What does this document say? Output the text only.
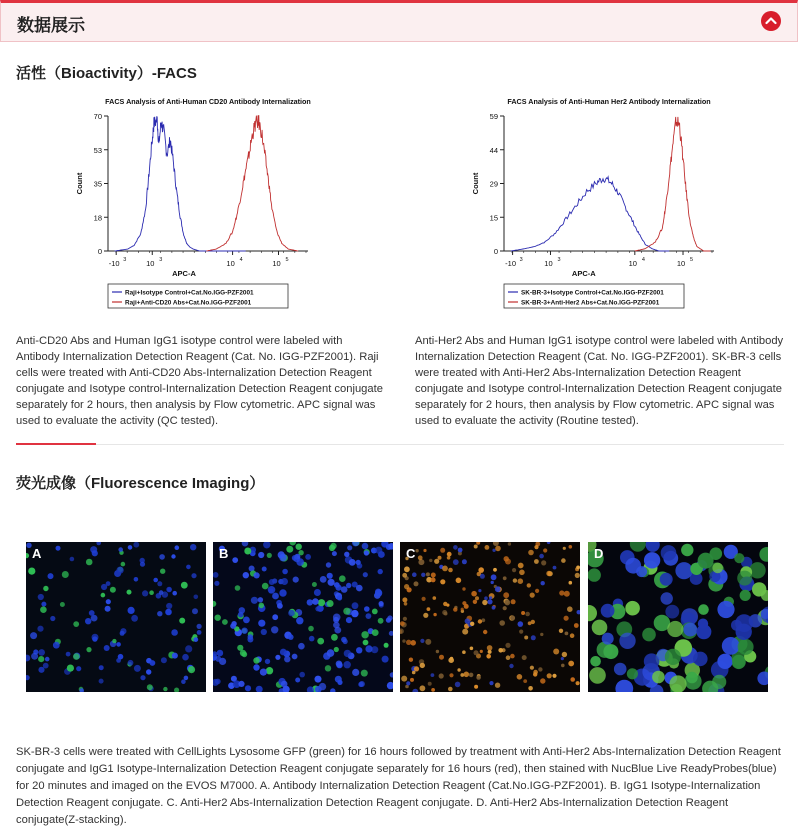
数据展示
活性（Bioactivity）-FACS
FACS Analysis of Anti-Human CD20 Antibody Internalization
0
18
35
53
70
Count
-10 3	10 3	10 4	10 5
APC-A
Raji+Isotype Control+Cat.No.IGG-PZF2001
Raji+Anti-CD20 Abs+Cat.No.IGG-PZF2001
FACS Analysis of Anti-Human Her2 Antibody Internalization
0
15
29
44
59
Count
-10 3	10 3	10 4	10 5
APC-A
SK-BR-3+Isotype Control+Cat.No.IGG-PZF2001
SK-BR-3+Anti-Her2 Abs+Cat.No.IGG-PZF2001
Anti-CD20 Abs and Human IgG1 isotype control were labeled with Antibody Internalization Detection Reagent (Cat. No. IGG-PZF2001). Raji cells were treated with Anti-CD20 Abs-Internalization Detection Reagent conjugate and Isotype control-Internalization Detection Reagent conjugate separately for 2 hours, then analysis by Flow cytometric. APC signal was used to evaluate the activity (QC tested).
Anti-Her2 Abs and Human IgG1 isotype control were labeled with Antibody Internalization Detection Reagent (Cat. No. IGG-PZF2001). SK-BR-3 cells were treated with Anti-Her2 Abs-Internalization Detection Reagent conjugate and Isotype control-Internalization Detection Reagent conjugate separately for 2 hours, then analysis by Flow cytometric. APC signal was used to evaluate the activity (Routine tested).
荧光成像（Fluorescence Imaging）
A	B	C	D
SK-BR-3 cells were treated with CellLights Lysosome GFP (green) for 16 hours followed by treatment with Anti-Her2 Abs-Internalization Detection Reagent conjugate and IgG1 Isotype-Internalization Detection Reagent conjugate separately for 16 hours (red), then stained with NucBlue Live ReadyProbes(blue) for 20 minutes and imaged on the EVOS M7000. A. Antibody Internalization Detection Reagent (Cat.No.IGG-PZF2001). B. IgG1 Isotype-Internalization Detection Reagent conjugate. C. Anti-Her2 Abs-Internalization Detection Reagent conjugate. D. Anti-Her2 Abs-Internalization Detection Reagent conjugate(Z-stacking).
